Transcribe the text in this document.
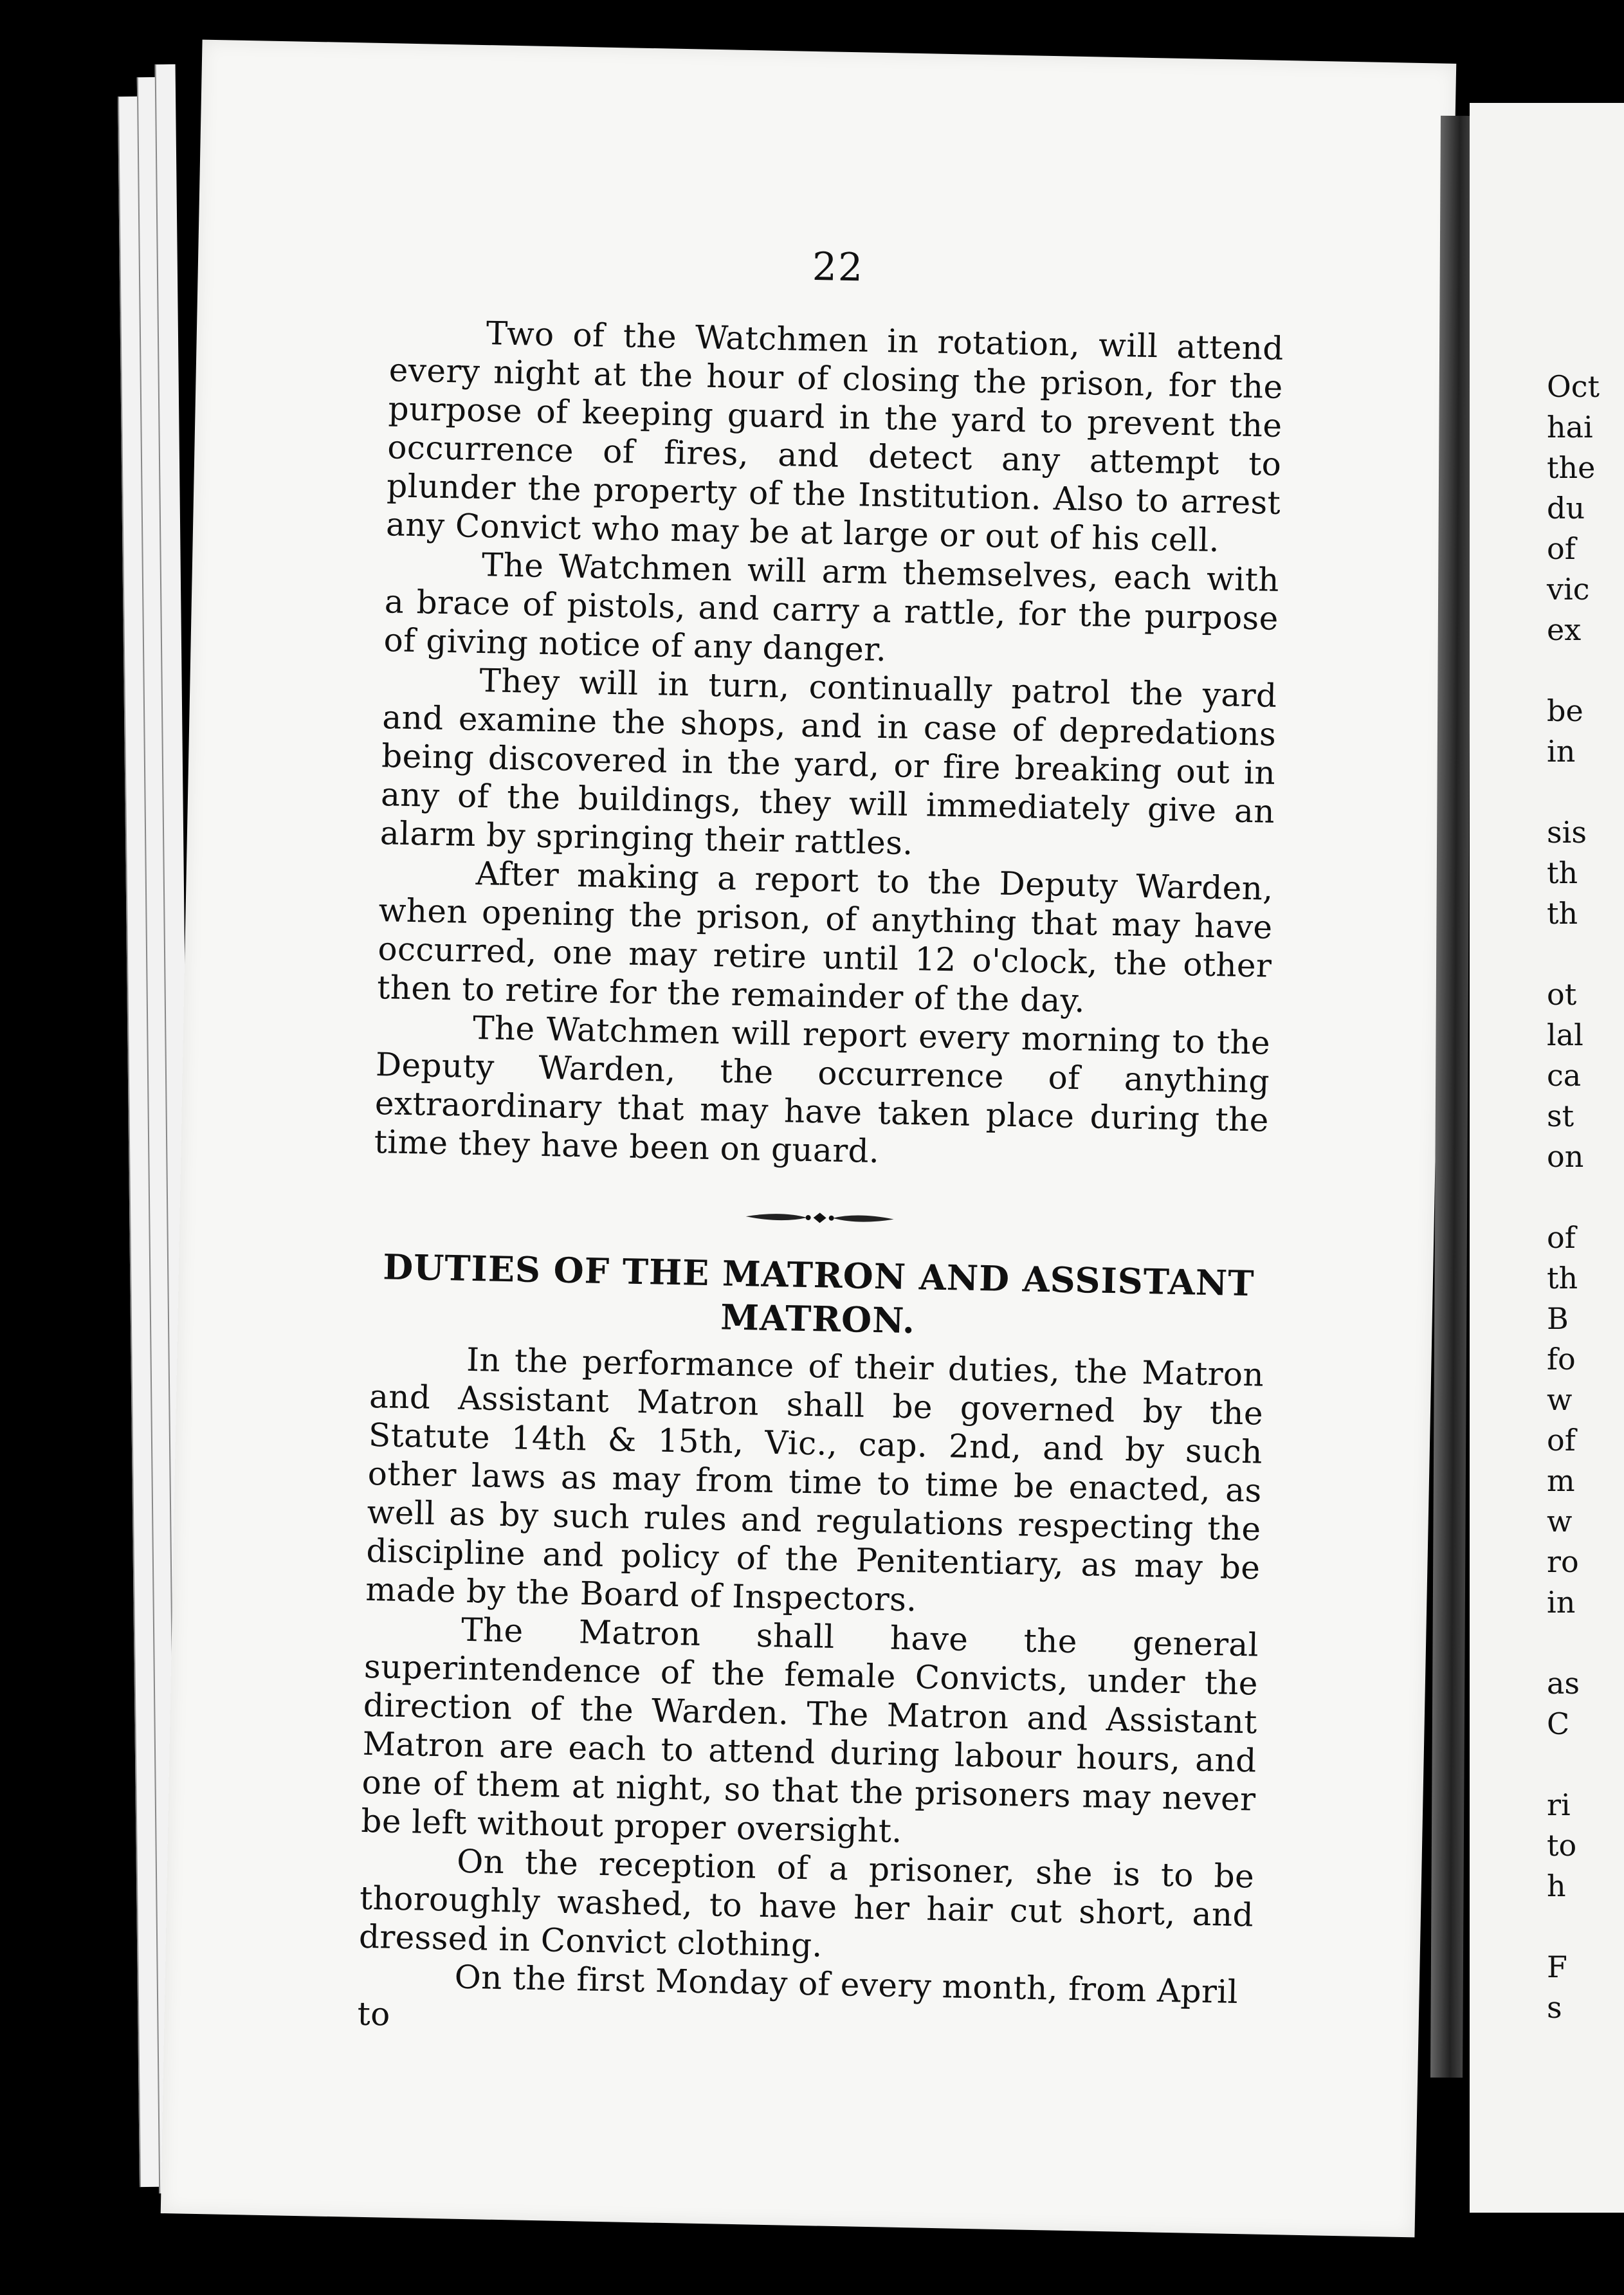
22

Two of the Watchmen in rotation, will attend every night at the hour of closing the prison, for the purpose of keeping guard in the yard to prevent the occurrence of fires, and detect any attempt to plunder the property of the Institution. Also to arrest any Convict who may be at large or out of his cell.

The Watchmen will arm themselves, each with a brace of pistols, and carry a rattle, for the purpose of giving notice of any danger.

They will in turn, continually patrol the yard and examine the shops, and in case of depredations being discovered in the yard, or fire breaking out in any of the buildings, they will immediately give an alarm by springing their rattles.

After making a report to the Deputy Warden, when opening the prison, of anything that may have occurred, one may retire until 12 o'clock, the other then to retire for the remainder of the day.

The Watchmen will report every morning to the Deputy Warden, the occurrence of anything extraordinary that may have taken place during the time they have been on guard.

DUTIES OF THE MATRON AND ASSISTANT MATRON.

In the performance of their duties, the Matron and Assistant Matron shall be governed by the Statute 14th & 15th, Vic., cap. 2nd, and by such other laws as may from time to time be enacted, as well as by such rules and regulations respecting the discipline and policy of the Penitentiary, as may be made by the Board of Inspectors.

The Matron shall have the general superintendence of the female Convicts, under the direction of the Warden. The Matron and Assistant Matron are each to attend during labour hours, and one of them at night, so that the prisoners may never be left without proper oversight.

On the reception of a prisoner, she is to be thoroughly washed, to have her hair cut short, and dressed in Convict clothing.

On the first Monday of every month, from April to

Oct
hai
the
du
of
vic
ex
be
in
sis
th
th
ot
lal
ca
st
on
of
th
B
fo
w
of
m
w
ro
in
as
C
ri
to
h
F
s
